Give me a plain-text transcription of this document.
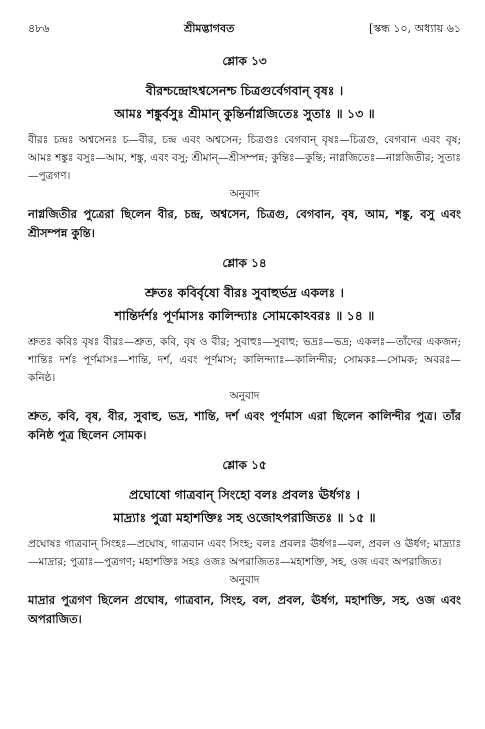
৪৮৬	শ্রীমদ্ভাগবত	[স্কন্ধ ১০, অধ্যায় ৬১
শ্লোক ১৩
বীরশ্চন্দ্রোঽশ্বসেনশ্চ চিত্রগুর্বেগবান্ বৃষঃ ।
আমঃ শঙ্কুর্বসুঃ শ্রীমান্ কুন্তির্নাগ্নজিতেঃ সুতাঃ ॥ ১৩ ॥
বীরঃ চন্দ্রঃ অশ্বসেনঃ চ—বীর, চন্দ্র এবং অশ্বসেন; চিত্রগুঃ বেগবান্ বৃষঃ—চিত্রগু, বেগবান এবং বৃষ; আমঃ শঙ্কুঃ বসুঃ—আম, শঙ্কু, এবং বসু; শ্রীমান্—শ্রীসম্পন্ন; কুন্তিঃ—কুন্তি; নাগ্নজিতেঃ—নাগ্নজিতীর; সুতাঃ—পুত্রগণ।
অনুবাদ
নাগ্নজিতীর পুত্রেরা ছিলেন বীর, চন্দ্র, অশ্বসেন, চিত্রগু, বেগবান, বৃষ, আম, শঙ্কু, বসু এবং শ্রীসম্পন্ন কুন্তি।
শ্লোক ১৪
শ্রুতঃ কবির্বৃষো বীরঃ সুবাহুর্ভদ্র একলঃ ।
শান্তির্দর্শঃ পূর্ণমাসঃ কালিন্দ্যাঃ সোমকোঽবরঃ ॥ ১৪ ॥
শ্রুতঃ কবিঃ বৃষঃ বীরঃ—শ্রুত, কবি, বৃষ ও বীর; সুবাহুঃ—সুবাহু; ভদ্রঃ—ভদ্র; একলঃ—তাঁদের একজন; শান্তিঃ দর্শঃ পূর্ণমাসঃ—শান্তি, দর্শ, এবং পূর্ণমাস; কালিন্দ্যাঃ—কালিন্দীর; সোমকঃ—সোমক; অবরঃ—কনিষ্ঠ।
অনুবাদ
শ্রুত, কবি, বৃষ, বীর, সুবাহু, ভদ্র, শান্তি, দর্শ এবং পূর্ণমাস এরা ছিলেন কালিন্দীর পুত্র। তাঁর কনিষ্ঠ পুত্র ছিলেন সোমক।
শ্লোক ১৫
প্রঘোষো গাত্রবান্ সিংহো বলঃ প্রবলঃ ঊর্ধগঃ ।
মাদ্র্যাঃ পুত্রা মহাশক্তিঃ সহ ওজোঽপরাজিতঃ ॥ ১৫ ॥
প্রঘোষঃ গাত্রবান্ সিংহঃ—প্রঘোষ, গাত্রবান এবং সিংহ; বলঃ প্রবলঃ ঊর্ধগঃ—বল, প্রবল ও ঊর্ধগ; মাদ্র্যাঃ—মাদ্রার; পুত্রাঃ—পুত্রগণ; মহাশক্তিঃ সহঃ ওজঃ অপরাজিতঃ—মহাশক্তি, সহ, ওজ এবং অপরাজিত।
অনুবাদ
মাদ্রার পুত্রগণ ছিলেন প্রঘোষ, গাত্রবান, সিংহ, বল, প্রবল, ঊর্ধগ, মহাশক্তি, সহ, ওজ এবং অপরাজিত।
